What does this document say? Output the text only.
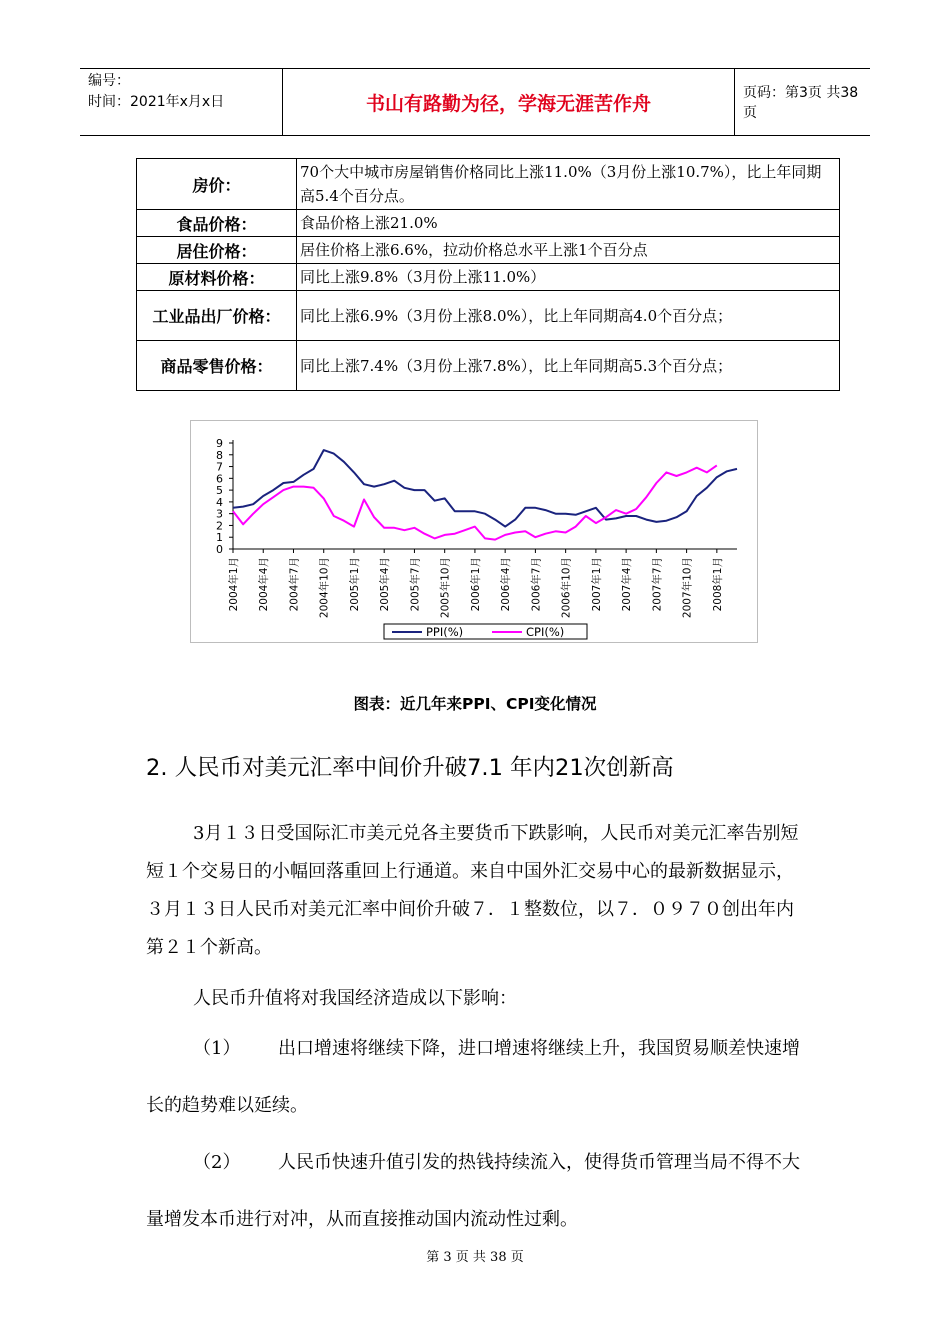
编号：
时间：2021年x月x日	书山有路勤为径，学海无涯苦作舟	页码：第3页 共38页
房价：	70个大中城市房屋销售价格同比上涨11.0%（3月份上涨10.7%），比上年同期高5.4个百分点。
食品价格：	食品价格上涨21.0%
居住价格：	居住价格上涨6.6%，拉动价格总水平上涨1个百分点
原材料价格：	同比上涨9.8%（3月份上涨11.0%）
工业品出厂价格：	同比上涨6.9%（3月份上涨8.0%），比上年同期高4.0个百分点；
商品零售价格：	同比上涨7.4%（3月份上涨7.8%），比上年同期高5.3个百分点；
0
1
2
3
4
5
6
7
8
9
2004年1月 2004年4月 2004年7月 2004年10月 2005年1月 2005年4月 2005年7月 2005年10月 2006年1月 2006年4月 2006年7月 2006年10月 2007年1月 2007年4月 2007年7月 2007年10月 2008年1月
PPI(%)	CPI(%)
图表：近几年来PPI、CPI变化情况
2. 人民币对美元汇率中间价升破7.1 年内21次创新高
3月１３日受国际汇市美元兑各主要货币下跌影响，人民币对美元汇率告别短短１个交易日的小幅回落重回上行通道。来自中国外汇交易中心的最新数据显示，３月１３日人民币对美元汇率中间价升破７．１整数位，以７．０９７０创出年内第２１个新高。
人民币升值将对我国经济造成以下影响：
（1） 出口增速将继续下降，进口增速将继续上升，我国贸易顺差快速增长的趋势难以延续。
（2） 人民币快速升值引发的热钱持续流入，使得货币管理当局不得不大量增发本币进行对冲，从而直接推动国内流动性过剩。
第 3 页 共 38 页
